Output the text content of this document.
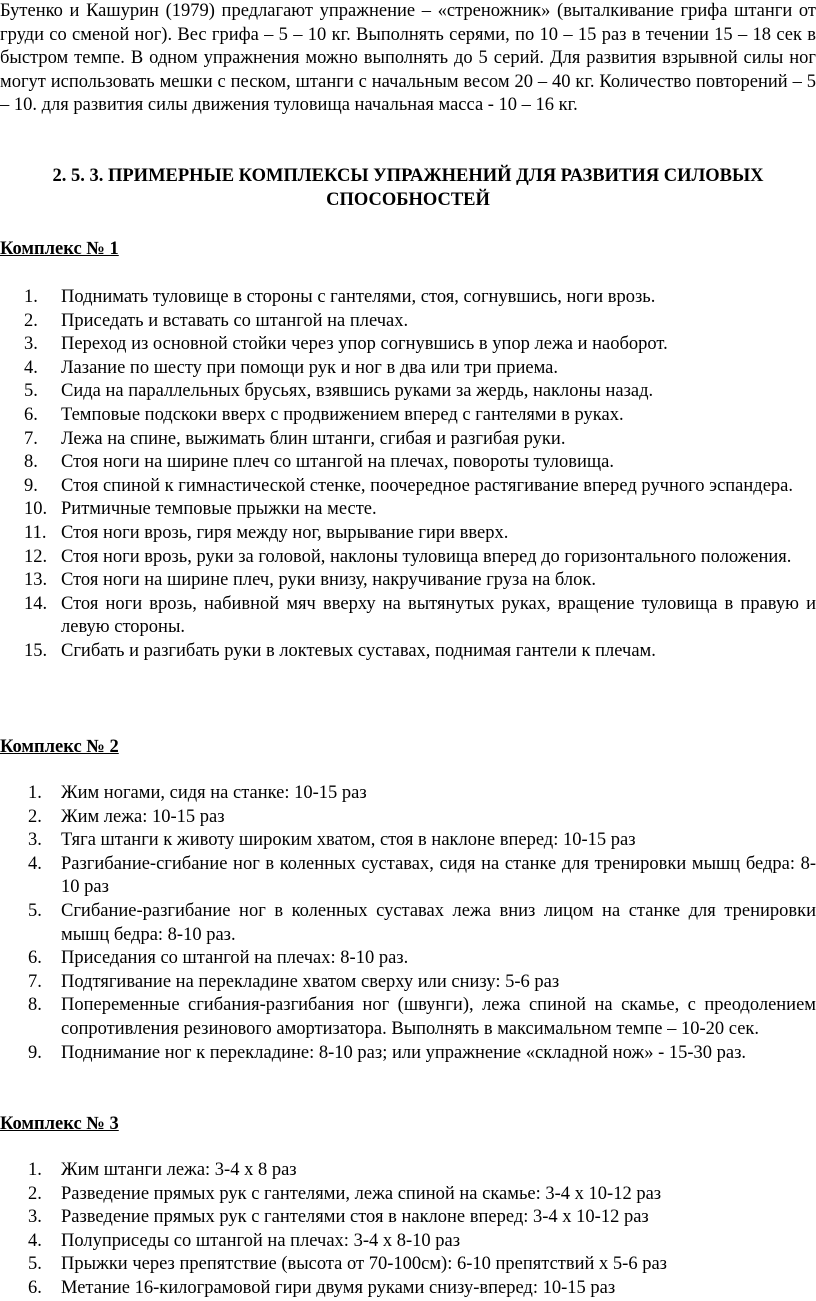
Бутенко и Кашурин (1979) предлагают упражнение – «стреножник» (выталкивание грифа штанги от груди со сменой ног). Вес грифа – 5 – 10 кг. Выполнять серями, по 10 – 15 раз в течении 15 – 18 сек в быстром темпе. В одном упражнения можно выполнять до 5 серий. Для развития взрывной силы ног могут использовать мешки с песком, штанги с начальным весом 20 – 40 кг. Количество повторений – 5 – 10. для развития силы движения туловища начальная масса - 10 – 16 кг.

2. 5. 3. ПРИМЕРНЫЕ КОМПЛЕКСЫ УПРАЖНЕНИЙ ДЛЯ РАЗВИТИЯ СИЛОВЫХ СПОСОБНОСТЕЙ

Комплекс № 1

1. Поднимать туловище в стороны с гантелями, стоя, согнувшись, ноги врозь.
2. Приседать и вставать со штангой на плечах.
3. Переход из основной стойки через упор согнувшись в упор лежа и наоборот.
4. Лазание по шесту при помощи рук и ног в два или три приема.
5. Сида на параллельных брусьях, взявшись руками за жердь, наклоны назад.
6. Темповые подскоки вверх с продвижением вперед с гантелями в руках.
7. Лежа на спине, выжимать блин штанги, сгибая и разгибая руки.
8. Стоя ноги на ширине плеч со штангой на плечах, повороты туловища.
9. Стоя спиной к гимнастической стенке, поочередное растягивание вперед ручного эспандера.
10. Ритмичные темповые прыжки на месте.
11. Стоя ноги врозь, гиря между ног, вырывание гири вверх.
12. Стоя ноги врозь, руки за головой, наклоны туловища вперед до горизонтального положения.
13. Стоя ноги на ширине плеч, руки внизу, накручивание груза на блок.
14. Стоя ноги врозь, набивной мяч вверху на вытянутых руках, вращение туловища в правую и левую стороны.
15. Сгибать и разгибать руки в локтевых суставах, поднимая гантели к плечам.

Комплекс № 2

1. Жим ногами, сидя на станке: 10-15 раз
2. Жим лежа: 10-15 раз
3. Тяга штанги к животу широким хватом, стоя в наклоне вперед: 10-15 раз
4. Разгибание-сгибание ног в коленных суставах, сидя на станке для тренировки мышц бедра: 8-10 раз
5. Сгибание-разгибание ног в коленных суставах лежа вниз лицом на станке для тренировки мышц бедра: 8-10 раз.
6. Приседания со штангой на плечах: 8-10 раз.
7. Подтягивание на перекладине хватом сверху или снизу: 5-6 раз
8. Попеременные сгибания-разгибания ног (швунги), лежа спиной на скамье, с преодолением сопротивления резинового амортизатора. Выполнять в максимальном темпе – 10-20 сек.
9. Поднимание ног к перекладине: 8-10 раз; или упражнение «складной нож» - 15-30 раз.

Комплекс № 3

1. Жим штанги лежа: 3-4 х 8 раз
2. Разведение прямых рук с гантелями, лежа спиной на скамье: 3-4 х 10-12 раз
3. Разведение прямых рук с гантелями стоя в наклоне вперед: 3-4 х 10-12 раз
4. Полуприседы со штангой на плечах: 3-4 х 8-10 раз
5. Прыжки через препятствие (высота от 70-100см): 6-10 препятствий х 5-6 раз
6. Метание 16-килограмовой гири двумя руками снизу-вперед: 10-15 раз
